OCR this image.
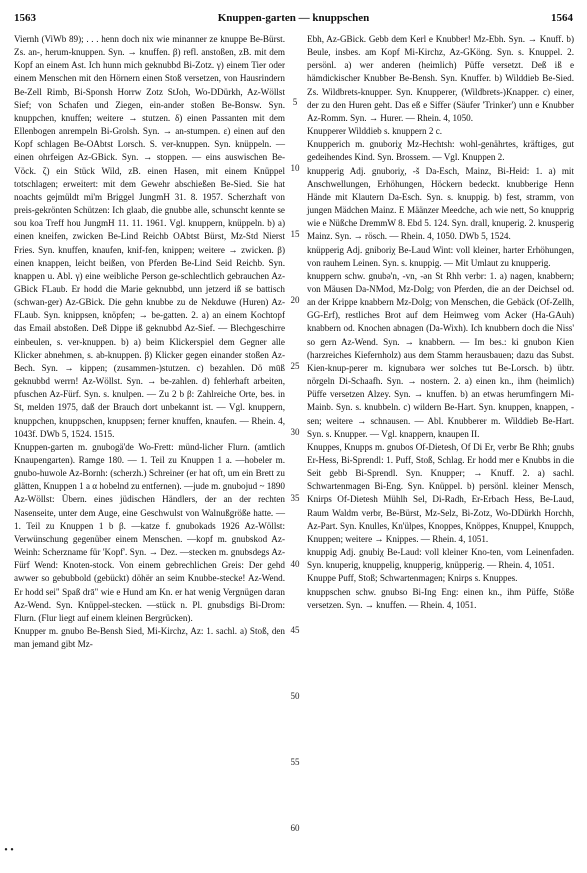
1563	Knuppen-garten — knuppschen	1564

Viernh (ViWb 89); . . . henn doch nix wie minanner ze knuppe Be-Bürst. Zs. an-, herum-knuppen. Syn. → knuffen. β) refl. anstoßen, zB. mit dem Kopf an einem Ast. Ich hunn mich geknubbd Bi-Zotz. γ) einem Tier oder einem Menschen mit den Hörnern einen Stoß versetzen, von Hausrindern Be-Zell Rimb, Bi-Sponsh Horrw Zotz StJoh, Wo-DDürkh, Az-Wöllst Sief; von Schafen und Ziegen, ein-ander stoßen Be-Bonsw. Syn. knuppchen, knuffen; weitere → stutzen. δ) einen Passanten mit dem Ellenbogen anrempeln Bi-Grolsh. Syn. → an-stumpen. ε) einen auf den Kopf schlagen Be-OAbtst Lorsch. S. ver-knuppen. Syn. knüppeln. — einen ohrfeigen Az-GBick. Syn. → stoppen. — eins auswischen Be-Vöck. ζ) ein Stück Wild, zB. einen Hasen, mit einem Knüppel totschlagen; erweitert: mit dem Gewehr abschießen Be-Sied. Sie hat noachts gejmüldt mi'm Briggel JungmH 31. 8. 1957. Scherzhaft von preis-gekrönten Schützen: Ich glaab, die gnubbe alle, schunscht kennte se sou koa Treff hou JungmH 11. 11. 1961. Vgl. knuppern, knüppeln. b) a) einen kneifen, zwicken Be-Lind Reichb OAbtst Bürst, Mz-Std Nierst Fries. Syn. knuffen, knaufen, knif-fen, knippen; weitere → zwicken. β) einen knappen, leicht beißen, von Pferden Be-Lind Seid Reichb. Syn. knappen u. Abl. γ) eine weibliche Person ge-schlechtlich gebrauchen Az-GBick FLaub. Er hodd die Marie geknubbd, unn jetzerd iß se battisch (schwan-ger) Az-GBick. Die gehn knubbe zu de Nekduwe (Huren) Az-FLaub. Syn. knippsen, knöpfen; → be-gatten. 2. a) an einem Kochtopf das Email abstoßen. Deß Dippe iß geknubbd Az-Sief. — Blechgeschirre einbeulen, s. ver-knuppen. b) a) beim Klickerspiel dem Gegner alle Klicker abnehmen, s. ab-knuppen. β) Klicker gegen einander stoßen Az-Bech. Syn. → kippen; (zusammen-)stutzen. c) bezahlen. Dö mūß geknubbd werrn! Az-Wöllst. Syn. → be-zahlen. d) fehlerhaft arbeiten, pfuschen Az-Fürf. Syn. s. knulpen. — Zu 2 b β: Zahlreiche Orte, bes. in St, melden 1975, daß der Brauch dort unbekannt ist. — Vgl. knuppern, knuppchen, knuppschen, knuppsen; ferner knuffen, knaufen. — Rhein. 4, 1043f. DWb 5, 1524. 1515.

Knuppen-garten m. gnubogä'de Wo-Frett: münd-licher Flurn. (amtlich Knaupengarten). Ramge 180. — 1. Teil zu Knuppen 1 a. —hobeler m. gnubo-huwole Az-Bornh: (scherzh.) Schreiner (er hat oft, um ein Brett zu glätten, Knuppen 1 a α hobelnd zu entfernen). —jude m. gnubojud ~ 1890 Az-Wöllst: Übern. eines jüdischen Händlers, der an der rechten Nasenseite, unter dem Auge, eine Geschwulst von Walnußgröße hatte. — 1. Teil zu Knuppen 1 b β. —katze f. gnubokads 1926 Az-Wöllst: Verwünschung gegenüber einem Menschen. —kopf m. gnubskod Az-Weinh: Scherzname für 'Kopf'. Syn. → Dez. —stecken m. gnubsdegs Az-Fürf Wend: Knoten-stock. Von einem gebrechlichen Greis: Der gehd awwer so gebubbold (gebückt) döhër an seim Knubbe-stecke! Az-Wend. Er hodd sei" Spaß drā" wie e Hund am Kn. er hat wenig Vergnügen daran Az-Wend. Syn. Knüppel-stecken. —stück n. Pl. gnubsdigs Bi-Drom: Flurn. (Flur liegt auf einem kleinen Bergrücken).

Knupper m. gnubo Be-Bensh Sied, Mi-Kirchz, Az: 1. sachl. a) Stoß, den man jemand gibt Mz-

Ebh, Az-GBick. Gebb dem Kerl e Knubber! Mz-Ebh. Syn. → Knuff. b) Beule, insbes. am Kopf Mi-Kirchz, Az-GKöng. Syn. s. Knuppel. 2. persönl. a) wer anderen (heimlich) Püffe versetzt. Deß iß e hämdickischer Knubber Be-Bensh. Syn. Knuffer. b) Wilddieb Be-Sied. Zs. Wildbrets-knupper. Syn. Knupperer, (Wildbrets-)Knapper. c) einer, der zu den Huren geht. Das eß e Siffer (Säufer 'Trinker') unn e Knubber Az-Romm. Syn. → Hurer. — Rhein. 4, 1050.

Knupperer Wilddieb s. knuppern 2 c.

Knupperich m. gnuboriχ Mz-Hechtsh: wohl-genährtes, kräftiges, gut gedeihendes Kind. Syn. Brossem. — Vgl. Knuppen 2.

knupperig Adj. gnuboriχ, -š Da-Esch, Mainz, Bi-Heid: 1. a) mit Anschwellungen, Erhöhungen, Höckern bedeckt. knubberige Henn Hände mit Klautern Da-Esch. Syn. s. knuppig. b) fest, stramm, von jungen Mädchen Mainz. E Määnzer Meedche, ach wie nett, So knupprig wie e Nüßche DremmW 8. Ebd 5. 124. Syn. drall, knuperig. 2. knusperig Mainz. Syn. → rösch. — Rhein. 4, 1050. DWb 5, 1524.

knüpperig Adj. gniboriχ Be-Laud Wint: voll kleiner, harter Erhöhungen, von rauhem Leinen. Syn. s. knuppig. — Mit Umlaut zu knupperig.

knuppern schw. gnubə'n, -vn, -ən St Rhh verbr: 1. a) nagen, knabbern; von Mäusen Da-NMod, Mz-Dolg; von Pferden, die an der Deichsel od. an der Krippe knabbern Mz-Dolg; von Menschen, die Gebäck (Of-Zellh, GG-Erf), restliches Brot auf dem Heimweg vom Acker (Ha-GAuh) knabbern od. Knochen abnagen (Da-Wixh). Ich knubbern doch die Niss' so gern Az-Wend. Syn. → knabbern. — Im bes.: ki gnubon Kien (harzreiches Kiefernholz) aus dem Stamm herausbauen; dazu das Subst. Kien-knup-perer m. kignubərə wer solches tut Be-Lorsch. b) übtr. nörgeln Di-Schaafh. Syn. → nostern. 2. a) einen kn., ihm (heimlich) Püffe versetzen Alzey. Syn. → knuffen. b) an etwas herumfingern Mi-Mainb. Syn. s. knubbeln. c) wildern Be-Hart. Syn. knuppen, knappen, -sen; weitere → schnausen. — Abl. Knubberer m. Wilddieb Be-Hart. Syn. s. Knupper. — Vgl. knappern, knaupen II.

Knuppes, Knupps m. gnubos Of-Dietesh, Of Di Er, verbr Be Rhh; gnubs Er-Hess, Bi-Sprendl: 1. Puff, Stoß, Schlag. Er hodd mer e Knubbs in die Seit gebb Bi-Sprendl. Syn. Knupper; → Knuff. 2. a) sachl. Schwartenmagen Bi-Eng. Syn. Knüppel. b) persönl. kleiner Mensch, Knirps Of-Dietesh Mühlh Sel, Di-Radh, Er-Erbach Hess, Be-Laud, Raum Waldm verbr, Be-Bürst, Mz-Selz, Bi-Zotz, Wo-DDürkh Horchh, Az-Part. Syn. Knulles, Kn'ülpes, Knoppes, Knöppes, Knuppel, Knuppch, Knuppen; weitere → Knippes. — Rhein. 4, 1051.

knuppig Adj. gnubiχ Be-Laud: voll kleiner Kno-ten, vom Leinenfaden. Syn. knuperig, knuppelig, knupperig, knüpperig. — Rhein. 4, 1051.

Knuppe Puff, Stoß; Schwartenmagen; Knirps s. Knuppes.

knuppschen schw. gnubso Bi-Ing Eng: einen kn., ihm Püffe, Stöße versetzen. Syn. → knuffen. — Rhein. 4, 1051.

5
10
15
20
25
30
35
40
45
50
55
60
• •
